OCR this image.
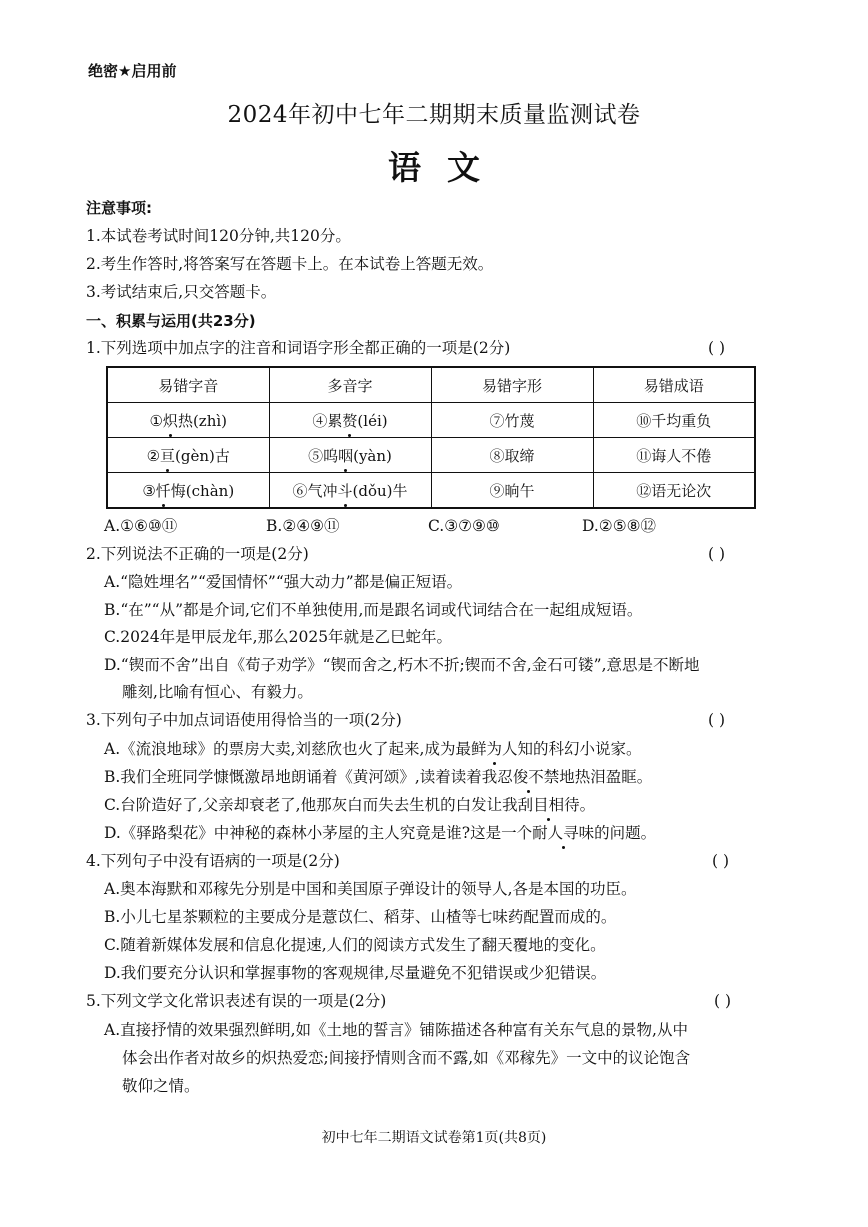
绝密★启用前
2024年初中七年二期期末质量监测试卷
语文
注意事项:
1.本试卷考试时间120分钟,共120分。
2.考生作答时,将答案写在答题卡上。在本试卷上答题无效。
3.考试结束后,只交答题卡。
一、积累与运用(共23分)
1.下列选项中加点字的注音和词语字形全都正确的一项是(2分)	( )
易错字音	多音字	易错字形	易错成语
①炽热(zhì)	④累赘(léi)	⑦竹蔑	⑩千均重负
②亘(gèn)古	⑤呜咽(yàn)	⑧取缔	⑪诲人不倦
③忏悔(chàn)	⑥气冲斗(dǒu)牛	⑨晌午	⑫语无论次
A.①⑥⑩⑪	B.②④⑨⑪	C.③⑦⑨⑩	D.②⑤⑧⑫
2.下列说法不正确的一项是(2分)	( )
A.“隐姓埋名”“爱国情怀”“强大动力”都是偏正短语。
B.“在”“从”都是介词,它们不单独使用,而是跟名词或代词结合在一起组成短语。
C.2024年是甲辰龙年,那么2025年就是乙巳蛇年。
D.“锲而不舍”出自《荀子劝学》“锲而舍之,朽木不折;锲而不舍,金石可镂”,意思是不断地
雕刻,比喻有恒心、有毅力。
3.下列句子中加点词语使用得恰当的一项(2分)	( )
A.《流浪地球》的票房大卖,刘慈欣也火了起来,成为最鲜为人知的科幻小说家。
B.我们全班同学慷慨激昂地朗诵着《黄河颂》,读着读着我忍俊不禁地热泪盈眶。
C.台阶造好了,父亲却衰老了,他那灰白而失去生机的白发让我刮目相待。
D.《驿路梨花》中神秘的森林小茅屋的主人究竟是谁?这是一个耐人寻味的问题。
4.下列句子中没有语病的一项是(2分)	( )
A.奥本海默和邓稼先分别是中国和美国原子弹设计的领导人,各是本国的功臣。
B.小儿七星茶颗粒的主要成分是薏苡仁、稻芽、山楂等七味药配置而成的。
C.随着新媒体发展和信息化提速,人们的阅读方式发生了翻天覆地的变化。
D.我们要充分认识和掌握事物的客观规律,尽量避免不犯错误或少犯错误。
5.下列文学文化常识表述有误的一项是(2分)	( )
A.直接抒情的效果强烈鲜明,如《土地的誓言》铺陈描述各种富有关东气息的景物,从中
体会出作者对故乡的炽热爱恋;间接抒情则含而不露,如《邓稼先》一文中的议论饱含
敬仰之情。
初中七年二期语文试卷第1页(共8页)
